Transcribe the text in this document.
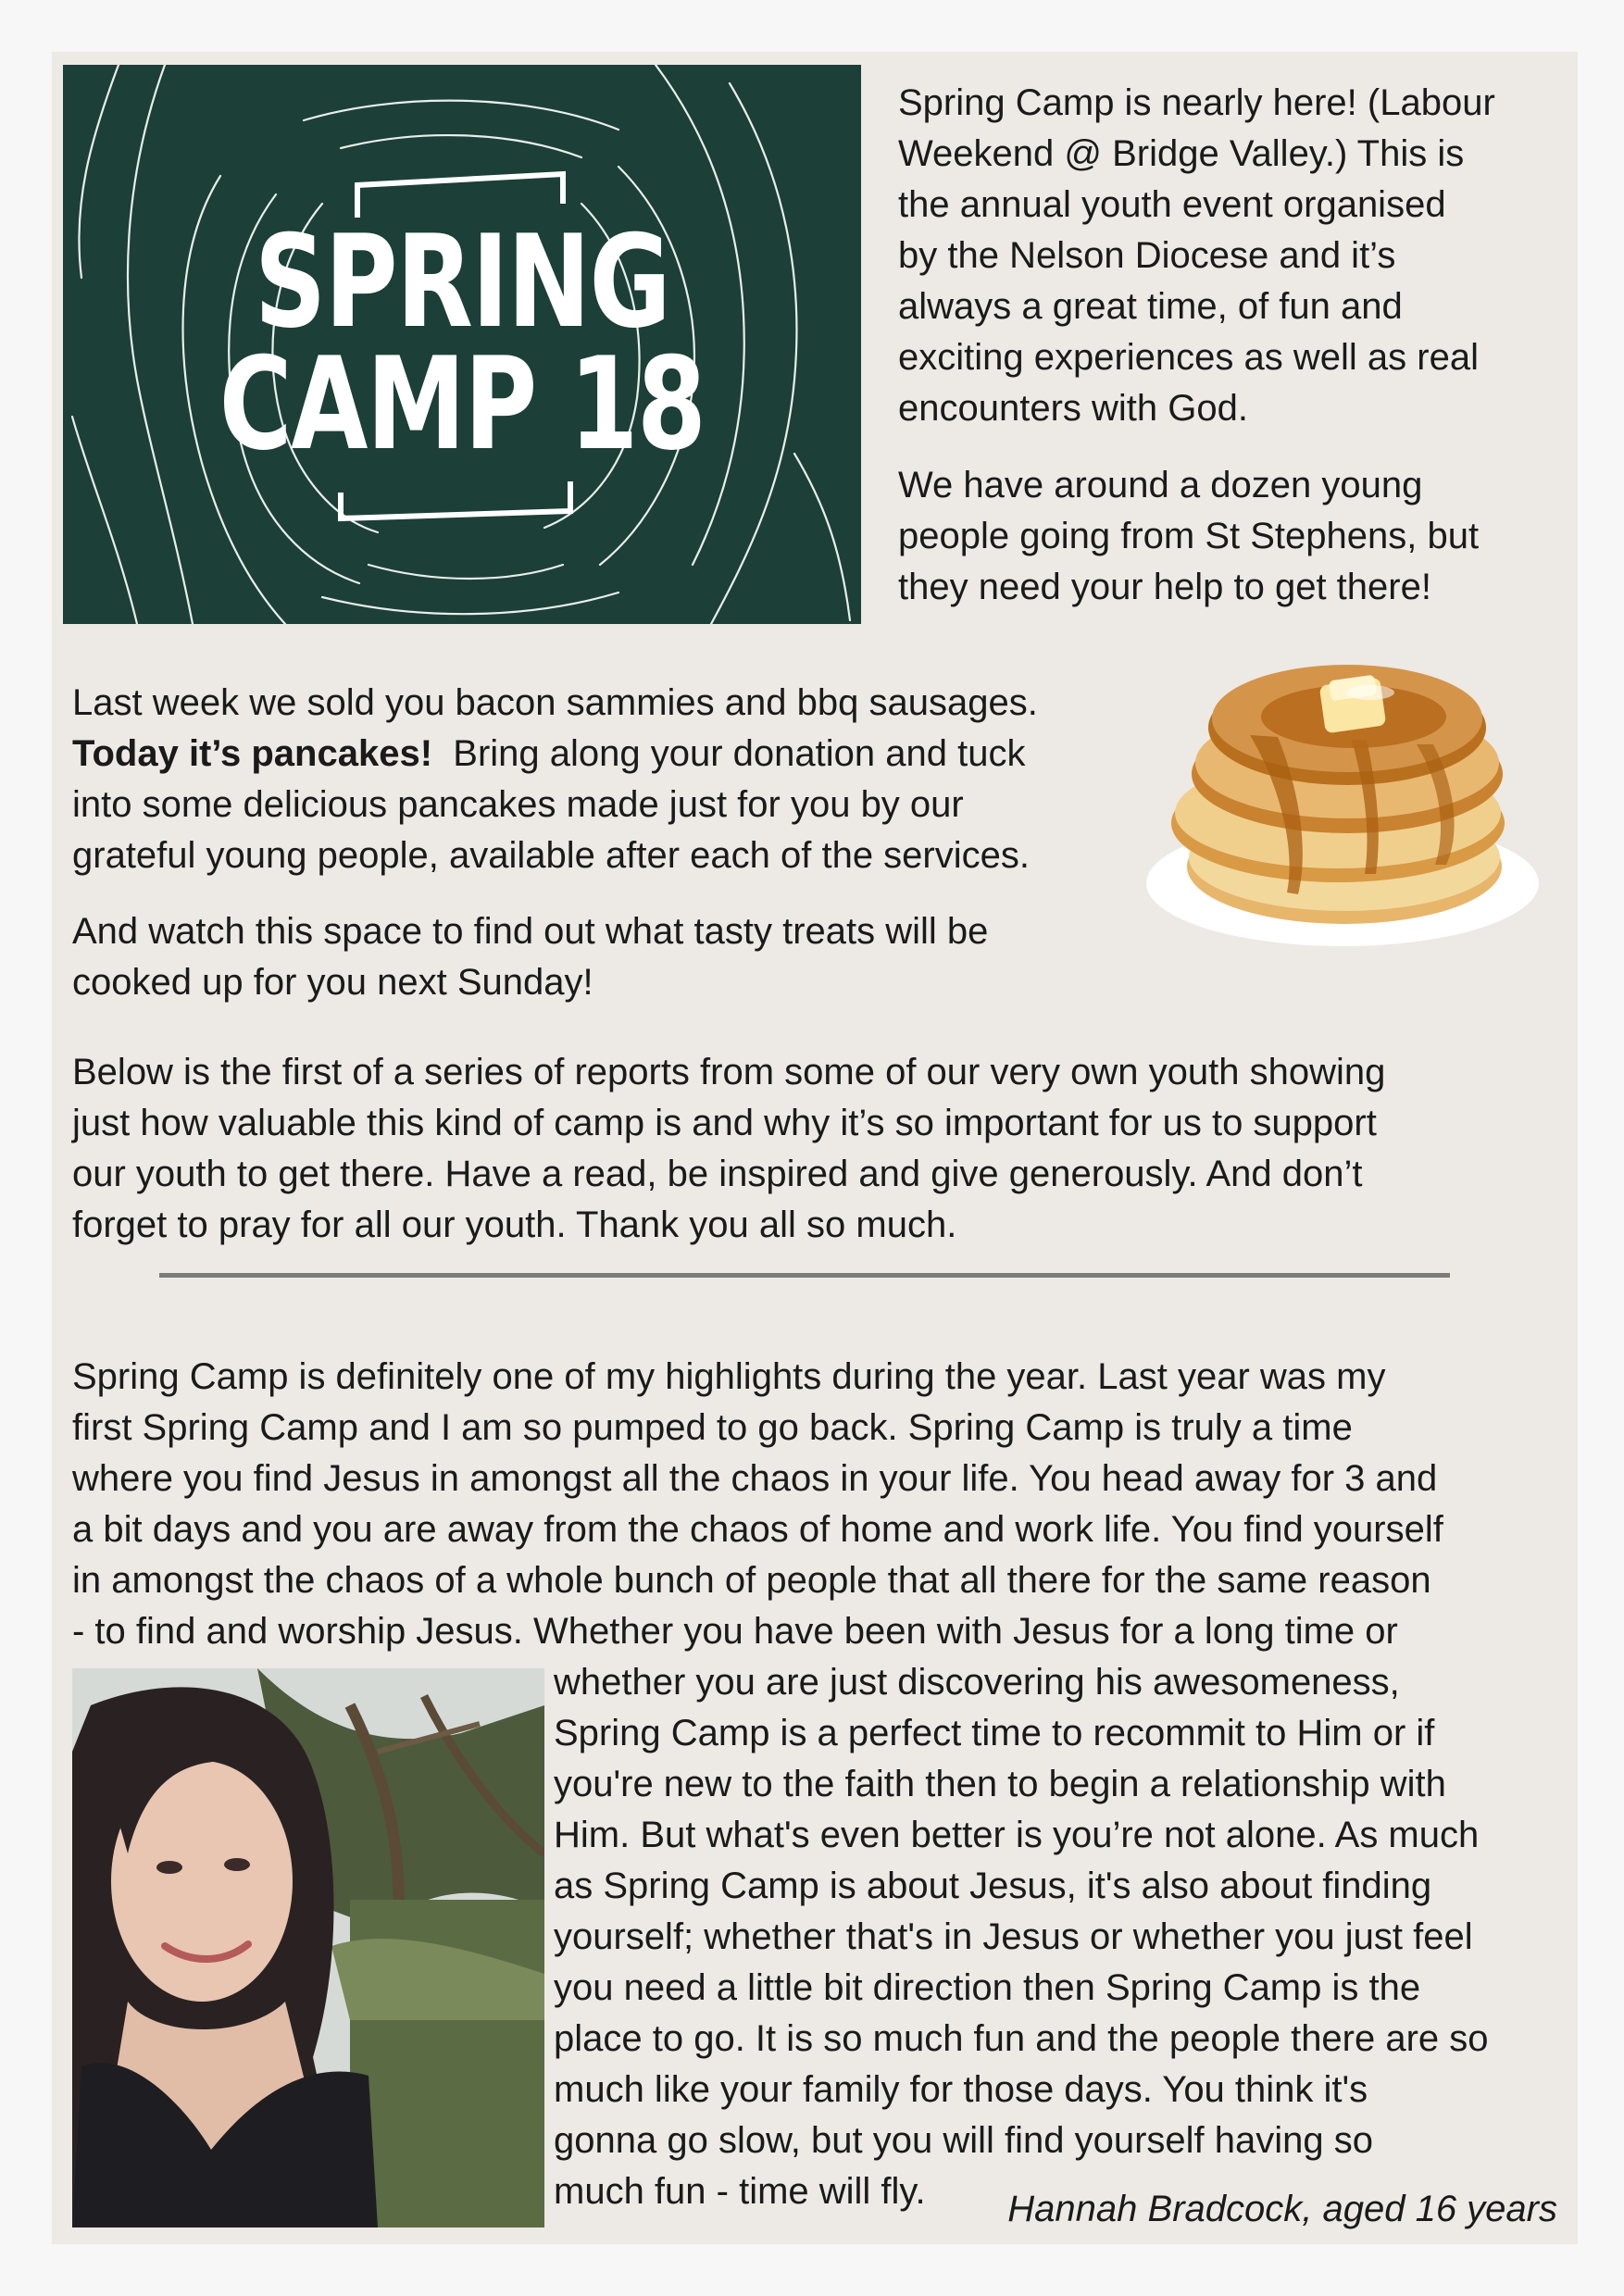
SPRING
CAMP 18

Spring Camp is nearly here! (Labour
Weekend @ Bridge Valley.) This is
the annual youth event organised
by the Nelson Diocese and it’s
always a great time, of fun and
exciting experiences as well as real
encounters with God.

We have around a dozen young
people going from St Stephens, but
they need your help to get there!

Last week we sold you bacon sammies and bbq sausages.
Today it’s pancakes!  Bring along your donation and tuck
into some delicious pancakes made just for you by our
grateful young people, available after each of the services.

And watch this space to find out what tasty treats will be
cooked up for you next Sunday!

Below is the first of a series of reports from some of our very own youth showing
just how valuable this kind of camp is and why it’s so important for us to support
our youth to get there. Have a read, be inspired and give generously. And don’t
forget to pray for all our youth. Thank you all so much.
Spring Camp is definitely one of my highlights during the year. Last year was my
first Spring Camp and I am so pumped to go back. Spring Camp is truly a time
where you find Jesus in amongst all the chaos in your life. You head away for 3 and
a bit days and you are away from the chaos of home and work life. You find yourself
in amongst the chaos of a whole bunch of people that all there for the same reason
- to find and worship Jesus. Whether you have been with Jesus for a long time or
whether you are just discovering his awesomeness,
Spring Camp is a perfect time to recommit to Him or if
you're new to the faith then to begin a relationship with
Him. But what's even better is you’re not alone. As much
as Spring Camp is about Jesus, it's also about finding
yourself; whether that's in Jesus or whether you just feel
you need a little bit direction then Spring Camp is the
place to go. It is so much fun and the people there are so
much like your family for those days. You think it's
gonna go slow, but you will find yourself having so
much fun - time will fly.	Hannah Bradcock, aged 16 years
